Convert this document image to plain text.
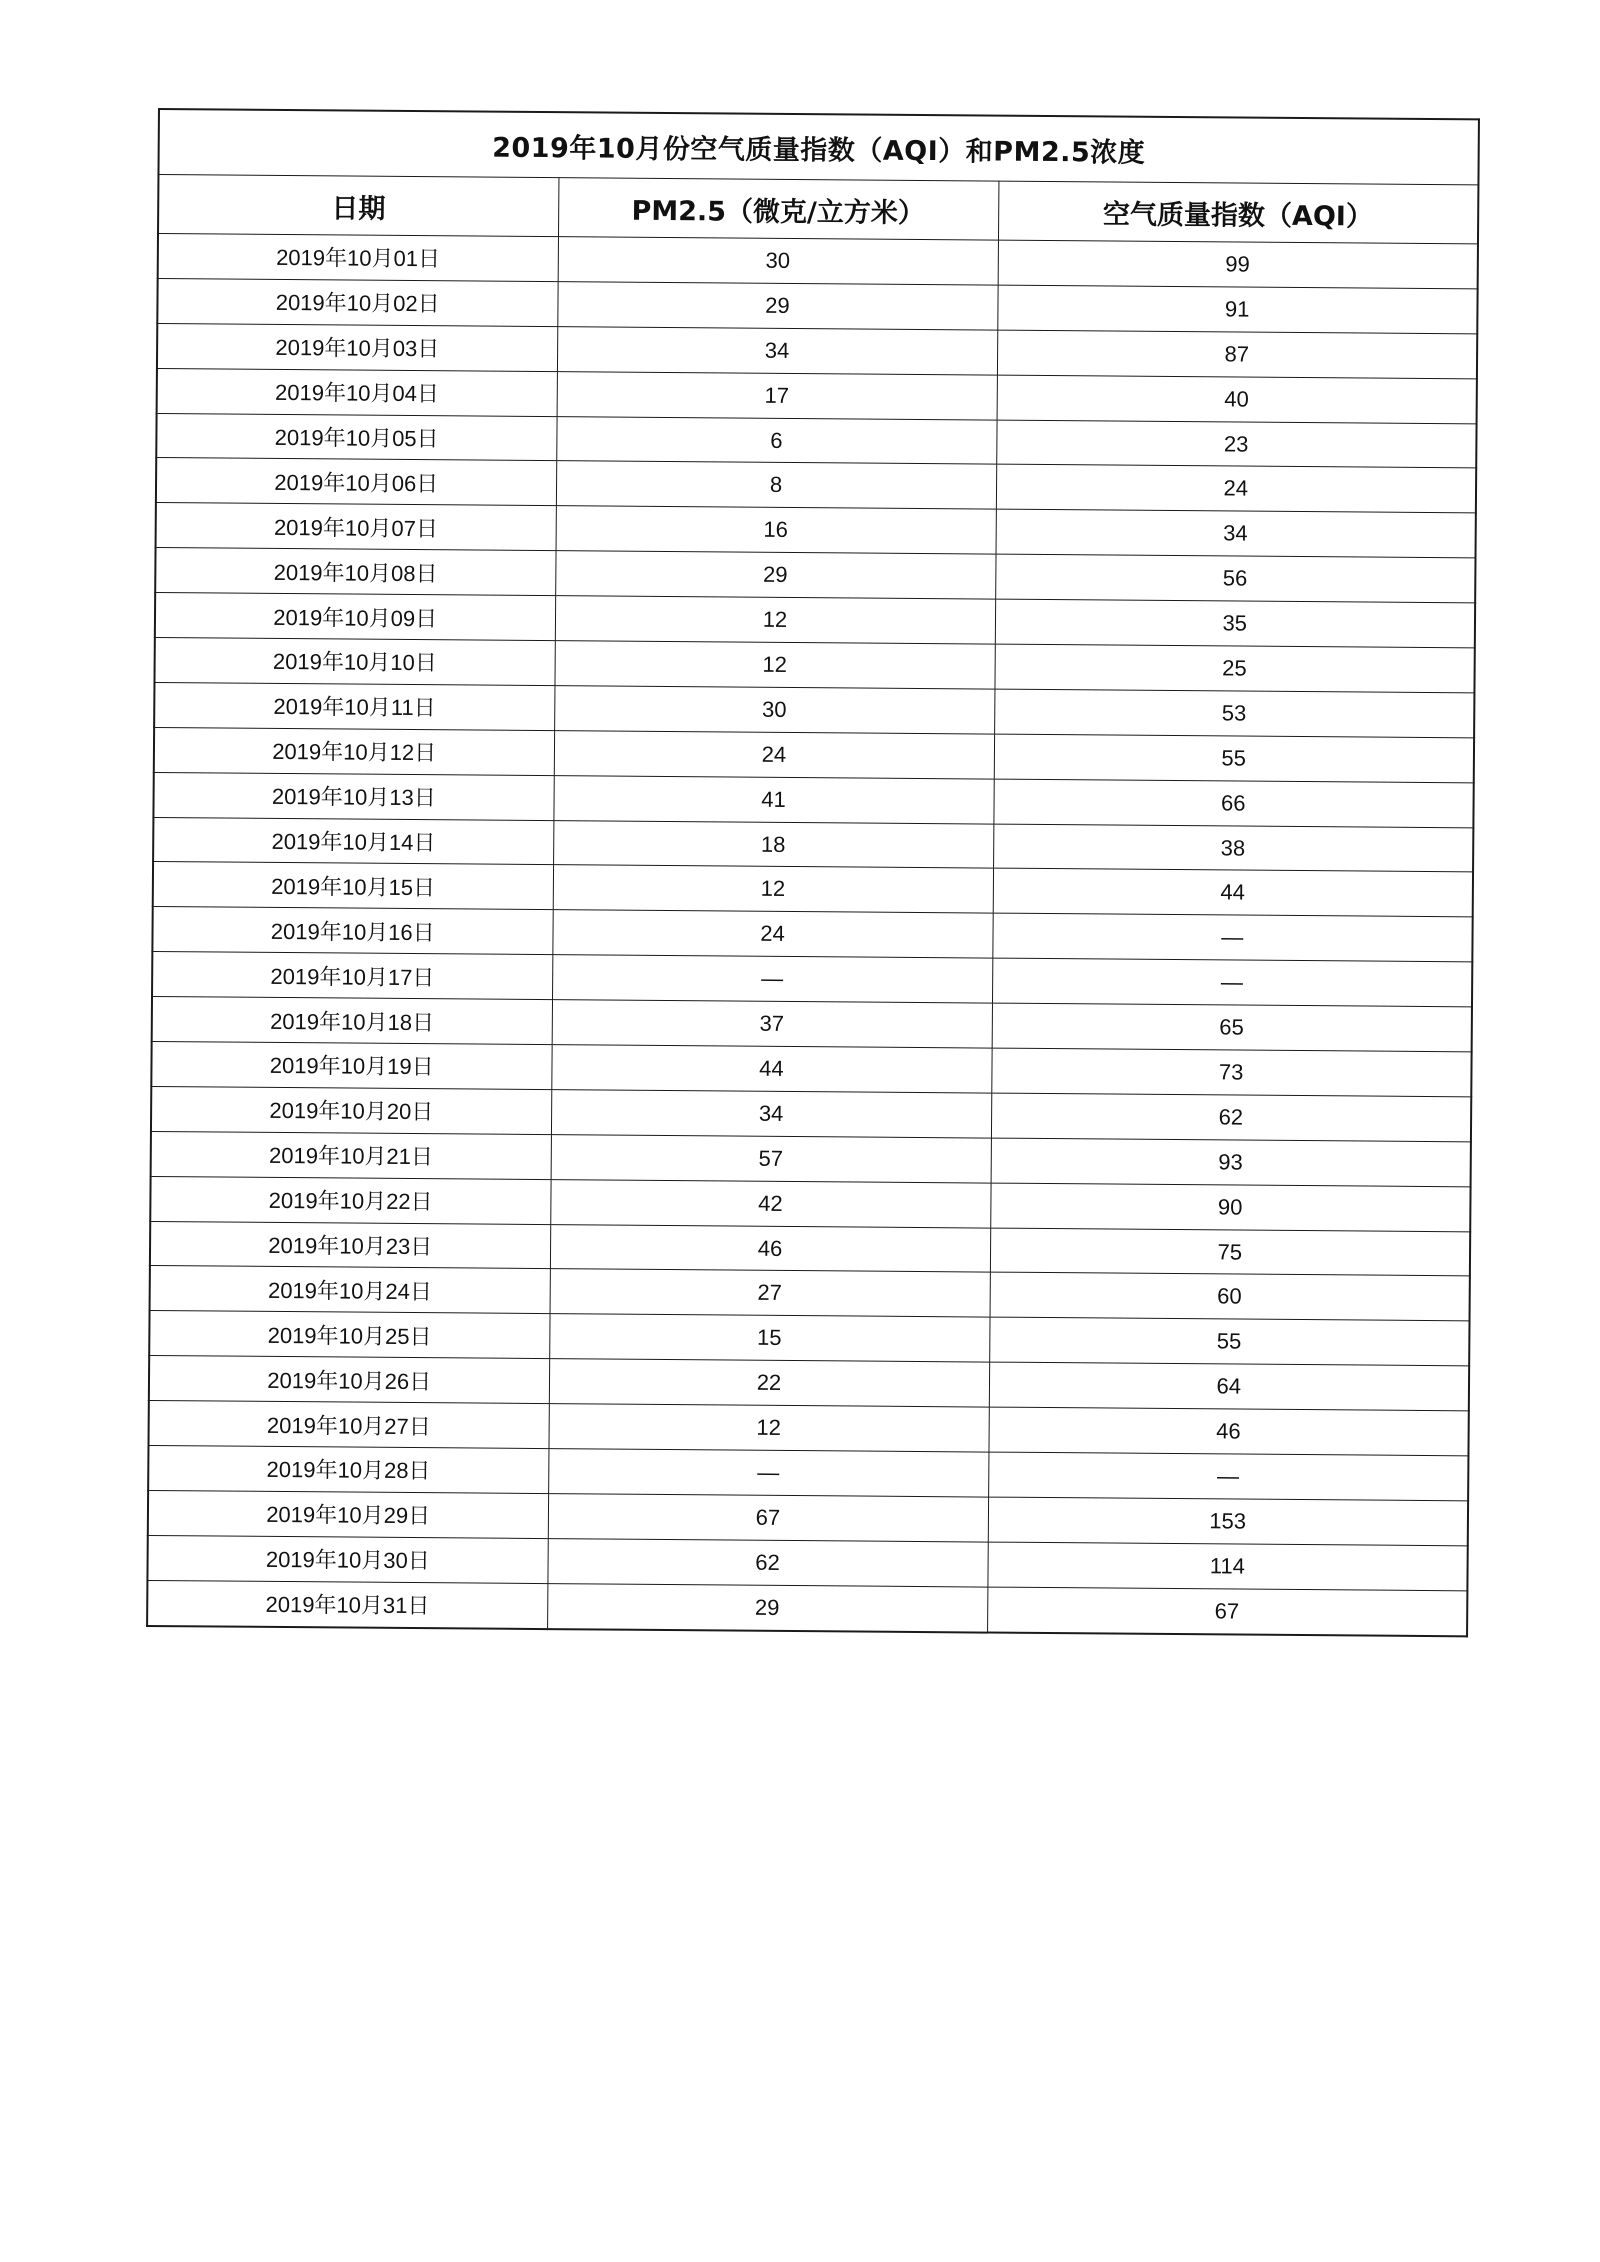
2019年10月份空气质量指数（AQI）和PM2.5浓度		
日期	PM2.5（微克/立方米）	空气质量指数（AQI）
2019年10月01日	30	99
2019年10月02日	29	91
2019年10月03日	34	87
2019年10月04日	17	40
2019年10月05日	6	23
2019年10月06日	8	24
2019年10月07日	16	34
2019年10月08日	29	56
2019年10月09日	12	35
2019年10月10日	12	25
2019年10月11日	30	53
2019年10月12日	24	55
2019年10月13日	41	66
2019年10月14日	18	38
2019年10月15日	12	44
2019年10月16日	24	—
2019年10月17日	—	—
2019年10月18日	37	65
2019年10月19日	44	73
2019年10月20日	34	62
2019年10月21日	57	93
2019年10月22日	42	90
2019年10月23日	46	75
2019年10月24日	27	60
2019年10月25日	15	55
2019年10月26日	22	64
2019年10月27日	12	46
2019年10月28日	—	—
2019年10月29日	67	153
2019年10月30日	62	114
2019年10月31日	29	67
